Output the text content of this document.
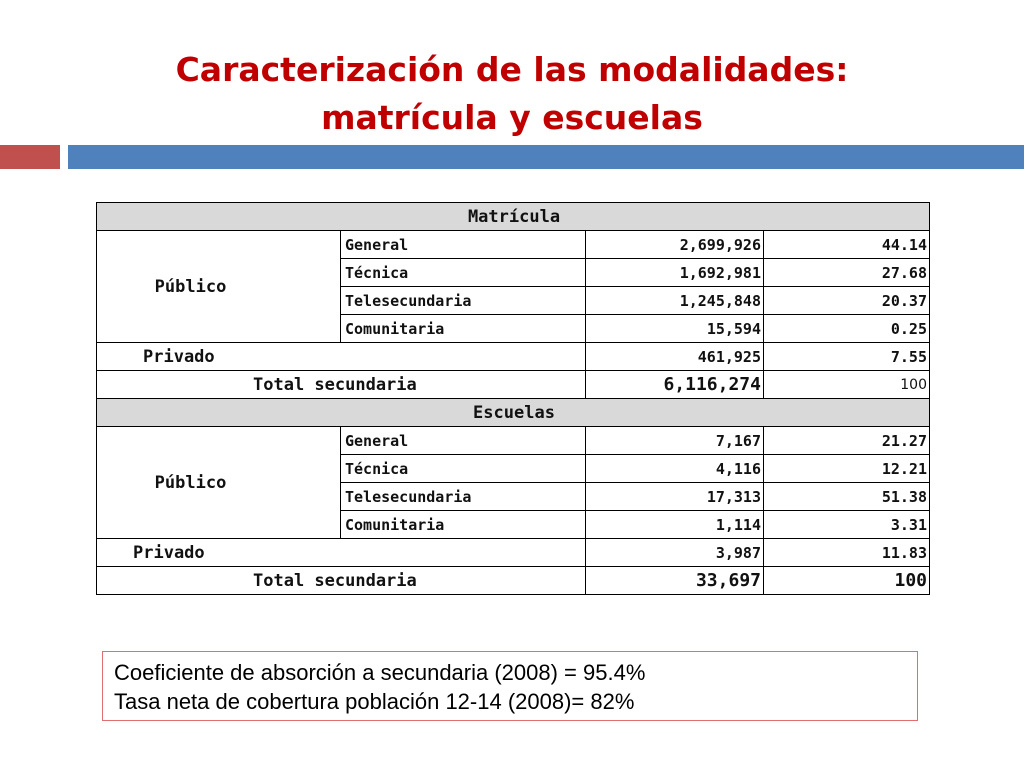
Caracterización de las modalidades:
matrícula y escuelas
Matrícula			
Público	General	2,699,926	44.14
	Técnica	1,692,981	27.68
	Telesecundaria	1,245,848	20.37
	Comunitaria	15,594	0.25
Privado		461,925	7.55
Total secundaria		6,116,274	100
Escuelas			
Público	General	7,167	21.27
	Técnica	4,116	12.21
	Telesecundaria	17,313	51.38
	Comunitaria	1,114	3.31
Privado		3,987	11.83
Total secundaria		33,697	100
Coeficiente de absorción a secundaria (2008) = 95.4%
Tasa neta de cobertura población 12-14 (2008)= 82%
